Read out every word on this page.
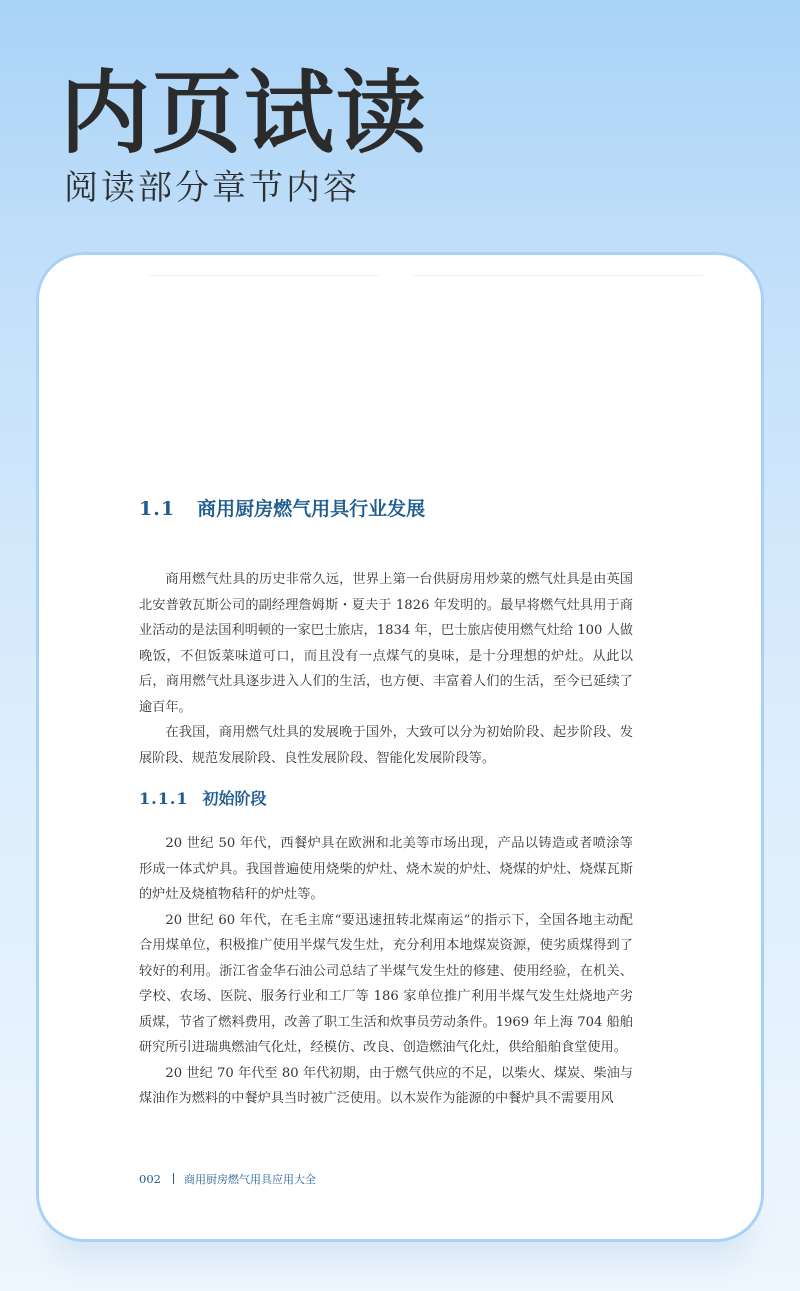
内页试读
阅读部分章节内容
1.1 商用厨房燃气用具行业发展

商用燃气灶具的历史非常久远，世界上第一台供厨房用炒菜的燃气灶具是由英国北安普敦瓦斯公司的副经理詹姆斯・夏夫于 1826 年发明的。最早将燃气灶具用于商业活动的是法国利明顿的一家巴士旅店，1834 年，巴士旅店使用燃气灶给 100 人做晚饭，不但饭菜味道可口，而且没有一点煤气的臭味，是十分理想的炉灶。从此以后，商用燃气灶具逐步进入人们的生活，也方便、丰富着人们的生活，至今已延续了逾百年。

在我国，商用燃气灶具的发展晚于国外，大致可以分为初始阶段、起步阶段、发展阶段、规范发展阶段、良性发展阶段、智能化发展阶段等。

1.1.1 初始阶段

20 世纪 50 年代，西餐炉具在欧洲和北美等市场出现，产品以铸造或者喷涂等形成一体式炉具。我国普遍使用烧柴的炉灶、烧木炭的炉灶、烧煤的炉灶、烧煤瓦斯的炉灶及烧植物秸秆的炉灶等。

20 世纪 60 年代，在毛主席“要迅速扭转北煤南运”的指示下，全国各地主动配合用煤单位，积极推广使用半煤气发生灶，充分利用本地煤炭资源，使劣质煤得到了较好的利用。浙江省金华石油公司总结了半煤气发生灶的修建、使用经验，在机关、学校、农场、医院、服务行业和工厂等 186 家单位推广利用半煤气发生灶烧地产劣质煤，节省了燃料费用，改善了职工生活和炊事员劳动条件。1969 年上海 704 船舶研究所引进瑞典燃油气化灶，经模仿、改良、创造燃油气化灶，供给船舶食堂使用。

20 世纪 70 年代至 80 年代初期，由于燃气供应的不足，以柴火、煤炭、柴油与煤油作为燃料的中餐炉具当时被广泛使用。以木炭作为能源的中餐炉具不需要用风

002 商用厨房燃气用具应用大全
